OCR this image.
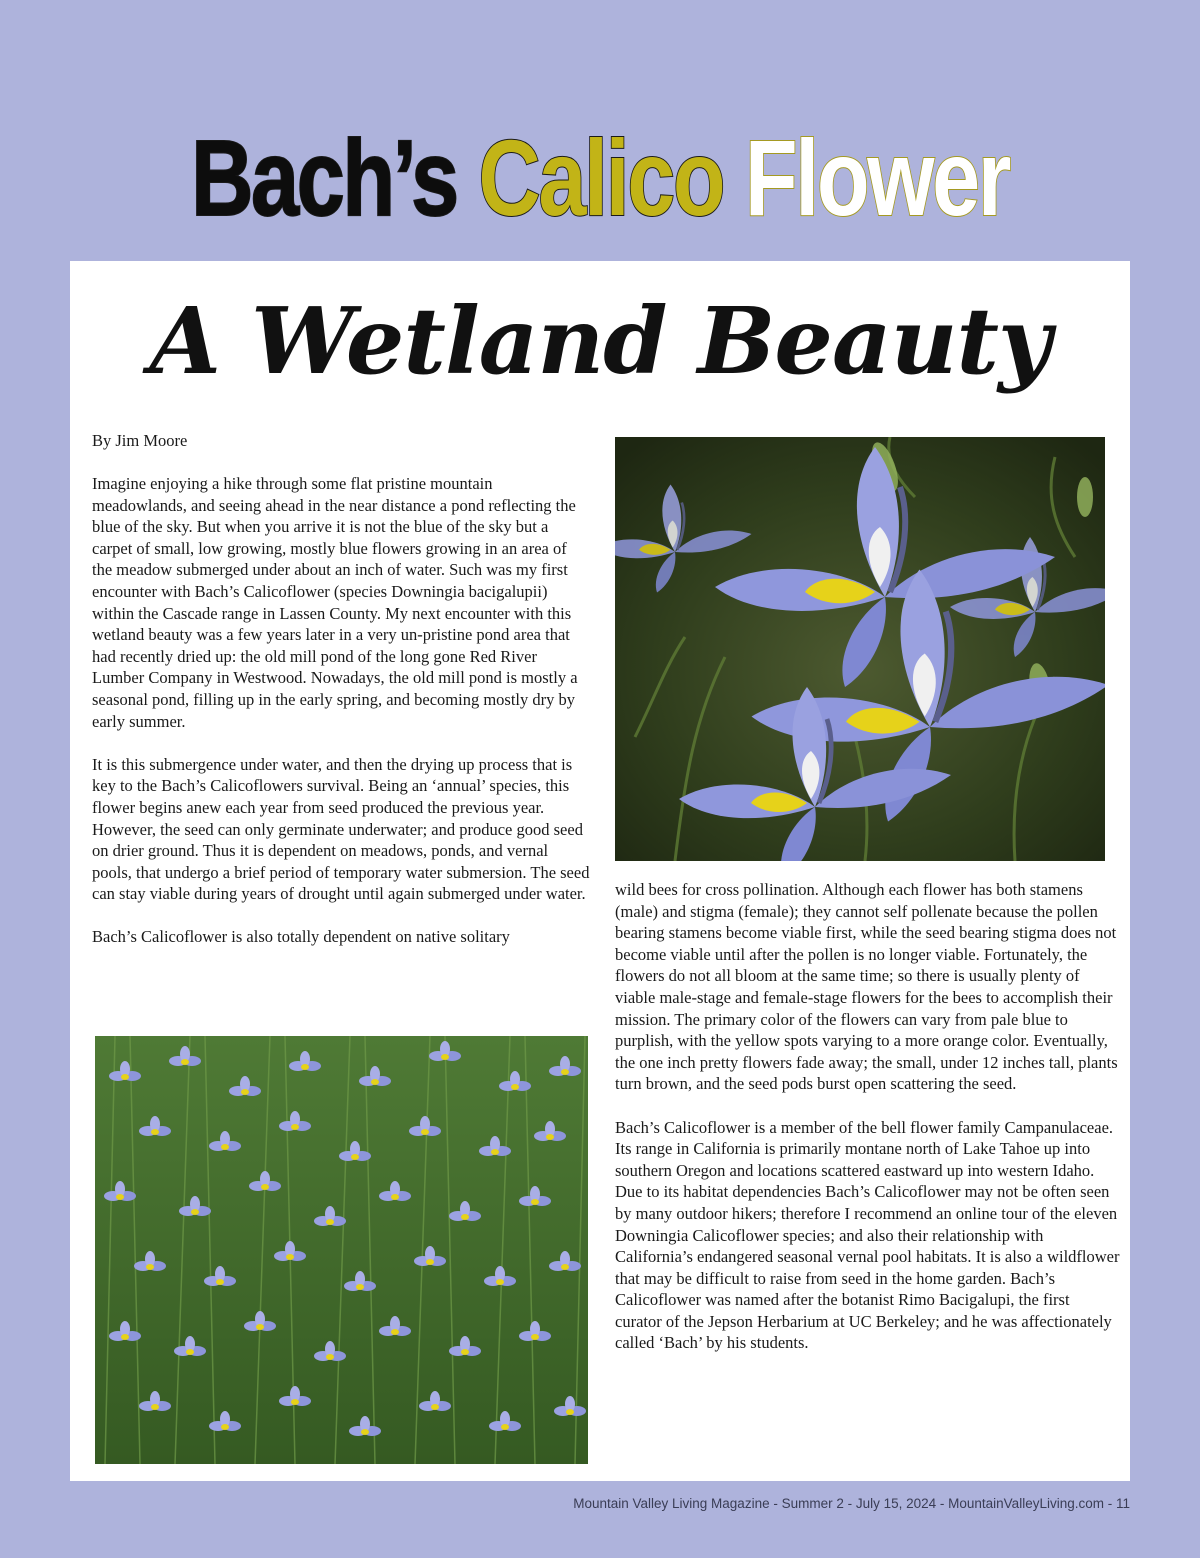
Bach’s Calico Flower
A Wetland Beauty

By Jim Moore

Imagine enjoying a hike through some flat pristine mountain meadowlands, and seeing ahead in the near distance a pond reflecting the blue of the sky. But when you arrive it is not the blue of the sky but a carpet of small, low growing, mostly blue flowers growing in an area of the meadow submerged under about an inch of water. Such was my first encounter with Bach’s Calicoflower (species Downingia bacigalupii) within the Cascade range in Lassen County. My next encounter with this wetland beauty was a few years later in a very un-pristine pond area that had recently dried up: the old mill pond of the long gone Red River Lumber Company in Westwood. Nowadays, the old mill pond is mostly a seasonal pond, filling up in the early spring, and becoming mostly dry by early summer.

It is this submergence under water, and then the drying up process that is key to the Bach’s Calicoflowers survival. Being an ‘annual’ species, this flower begins anew each year from seed produced the previous year. However, the seed can only germinate underwater; and produce good seed on drier ground. Thus it is dependent on meadows, ponds, and vernal pools, that undergo a brief period of temporary water submersion. The seed can stay viable during years of drought until again submerged under water.

Bach’s Calicoflower is also totally dependent on native solitary

wild bees for cross pollination. Although each flower has both stamens (male) and stigma (female); they cannot self pollenate because the pollen bearing stamens become viable first, while the seed bearing stigma does not become viable until after the pollen is no longer viable. Fortunately, the flowers do not all bloom at the same time; so there is usually plenty of viable male-stage and female-stage flowers for the bees to accomplish their mission. The primary color of the flowers can vary from pale blue to purplish, with the yellow spots varying to a more orange color. Eventually, the one inch pretty flowers fade away; the small, under 12 inches tall, plants turn brown, and the seed pods burst open scattering the seed.

Bach’s Calicoflower is a member of the bell flower family Campanulaceae. Its range in California is primarily montane north of Lake Tahoe up into southern Oregon and locations scattered eastward up into western Idaho. Due to its habitat dependencies Bach’s Calicoflower may not be often seen by many outdoor hikers; therefore I recommend an online tour of the eleven Downingia Calicoflower species; and also their relationship with California’s endangered seasonal vernal pool habitats. It is also a wildflower that may be difficult to raise from seed in the home garden. Bach’s Calicoflower was named after the botanist Rimo Bacigalupi, the first curator of the Jepson Herbarium at UC Berkeley; and he was affectionately called ‘Bach’ by his students.

Mountain Valley Living Magazine - Summer 2 - July 15, 2024 - MountainValleyLiving.com - 11
